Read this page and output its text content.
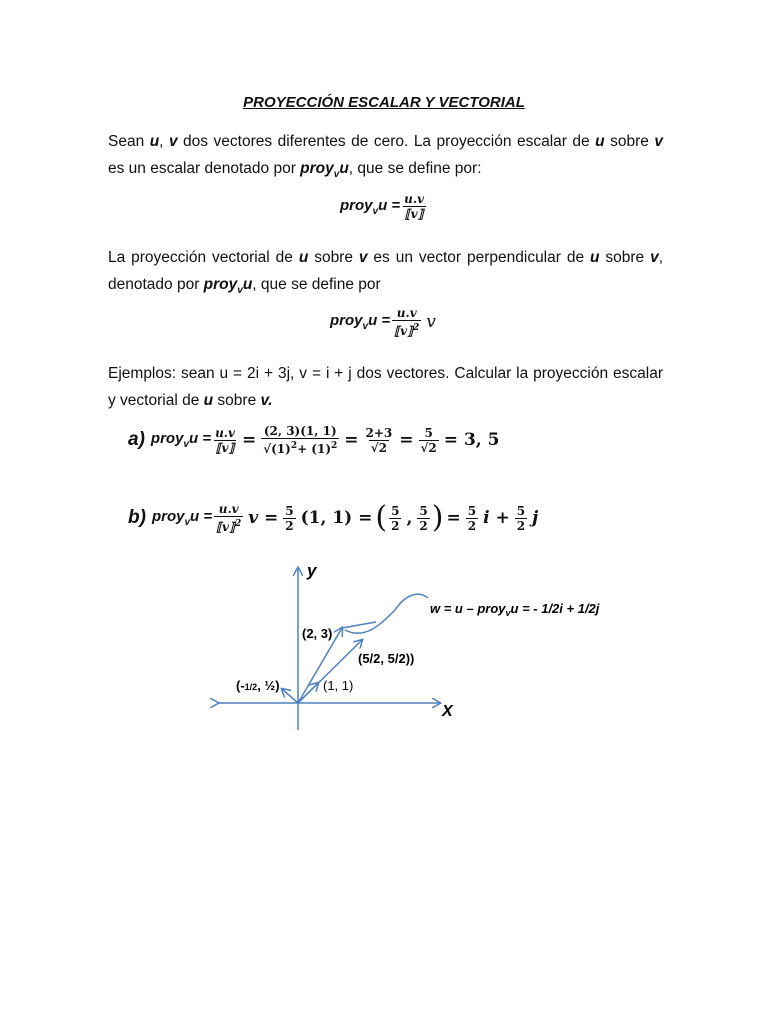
PROYECCIÓN ESCALAR Y VECTORIAL
Sean u, v dos vectores diferentes de cero. La proyección escalar de u sobre v es un escalar denotado por proy$_v$u, que se define por:
proy$_v$u = $\frac{u.v}{⟦v⟧}$
La proyección vectorial de u sobre v es un vector perpendicular de u sobre v, denotado por proy$_v$u, que se define por
proy$_v$u = $\frac{u.v}{⟦v⟧^2}$ v
Ejemplos: sean u = 2i + 3j, v = i + j dos vectores. Calcular la proyección escalar y vectorial de u sobre v.
a) proy$_v$u = $\frac{u.v}{⟦v⟧} = \frac{(2, 3)(1, 1)}{√(1)^2+ (1)^2} = \frac{2+3}{√2} = \frac{5}{√2} = 3$, 5
b) proy$_v$u = $\frac{u.v}{⟦v⟧^2}$ $v = \frac{5}{2} (1$, 1) = ( $\frac{5}{2}$ , $\frac{5}{2}$ ) = $\frac{5}{2}$ $i + \frac{5}{2}$ j
y
X
w = u – proy$_v$u = - 1/2i + 1/2j
(2, 3)
(5/2, 5/2))
(-1/2, ½)	(1, 1)
